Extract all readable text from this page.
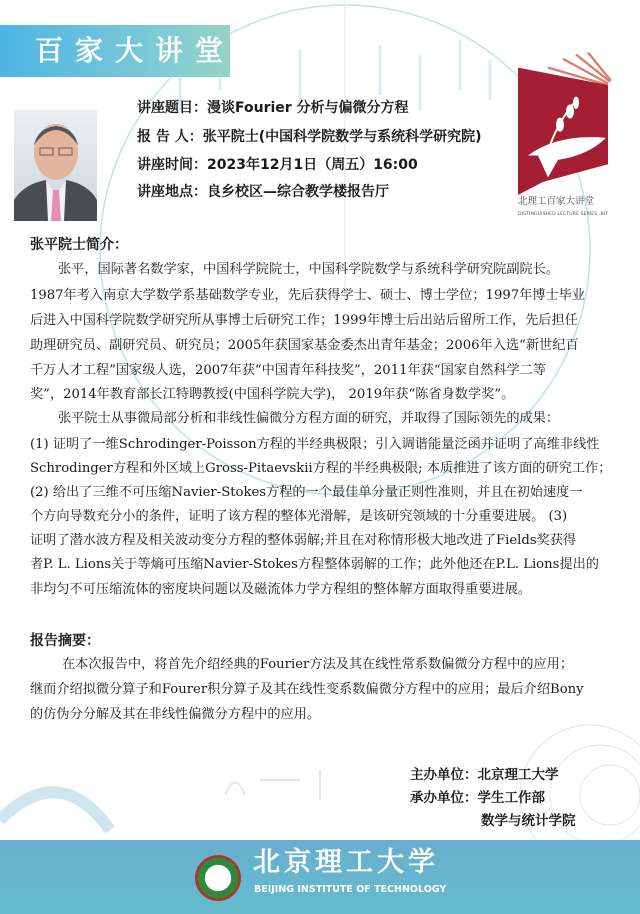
百家大讲堂
讲座题目：漫谈Fourier 分析与偏微分方程
报 告 人：张平院士(中国科学院数学与系统科学研究院)
讲座时间：2023年12月1日（周五）16:00
讲座地点：良乡校区—综合教学楼报告厅
北理工百家大讲堂
DISTINGUISHED LECTURE SERIES, BIT
张平院士简介：
张平，国际著名数学家，中国科学院院士，中国科学院数学与系统科学研究院副院长。
1987年考入南京大学数学系基础数学专业，先后获得学士、硕士、博士学位；1997年博士毕业
后进入中国科学院数学研究所从事博士后研究工作；1999年博士后出站后留所工作，先后担任
助理研究员、副研究员、研究员；2005年获国家基金委杰出青年基金；2006年入选“新世纪百
千万人才工程”国家级人选，2007年获“中国青年科技奖”，2011年获“国家自然科学二等
奖”，2014年教育部长江特聘教授(中国科学院大学)， 2019年获“陈省身数学奖”。
张平院士从事微局部分析和非线性偏微分方程方面的研究，并取得了国际领先的成果：
(1) 证明了一维Schrodinger-Poisson方程的半经典极限；引入调谐能量泛函并证明了高维非线性
Schrodinger方程和外区域上Gross-Pitaevskii方程的半经典极限; 本质推进了该方面的研究工作；
(2) 给出了三维不可压缩Navier-Stokes方程的一个最佳单分量正则性准则，并且在初始速度一
个方向导数充分小的条件，证明了该方程的整体光滑解，是该研究领域的十分重要进展。 (3)
证明了潜水波方程及相关波动变分方程的整体弱解;并且在对称情形极大地改进了Fields奖获得
者P. L. Lions关于等熵可压缩Navier-Stokes方程整体弱解的工作；此外他还在P.L. Lions提出的
非均匀不可压缩流体的密度块问题以及磁流体力学方程组的整体解方面取得重要进展。
报告摘要：
在本次报告中，将首先介绍经典的Fourier方法及其在线性常系数偏微分方程中的应用；
继而介绍拟微分算子和Fourer积分算子及其在线性变系数偏微分方程中的应用；最后介绍Bony
的仿伪分分解及其在非线性偏微分方程中的应用。
主办单位：北京理工大学
承办单位：学生工作部
数学与统计学院
北京理工大学
BEIJING INSTITUTE OF TECHNOLOGY
